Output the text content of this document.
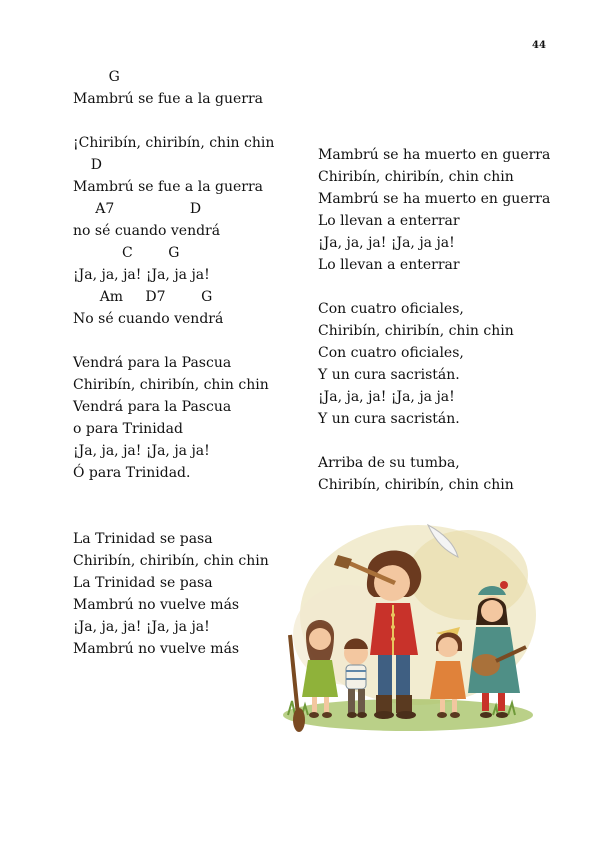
44
G
Mambrú se fue a la guerra
¡Chiribín, chiribín, chin chin
D
Mambrú se fue a la guerra
A7                 D
no sé cuando vendrá
C        G
¡Ja, ja, ja! ¡Ja, ja ja!
Am     D7        G
No sé cuando vendrá
Vendrá para la Pascua
Chiribín, chiribín, chin chin
Vendrá para la Pascua
o para Trinidad
¡Ja, ja, ja! ¡Ja, ja ja!
Ó para Trinidad.
La Trinidad se pasa
Chiribín, chiribín, chin chin
La Trinidad se pasa
Mambrú no vuelve más
¡Ja, ja, ja! ¡Ja, ja ja!
Mambrú no vuelve más
Mambrú se ha muerto en guerra
Chiribín, chiribín, chin chin
Mambrú se ha muerto en guerra
Lo llevan a enterrar
¡Ja, ja, ja! ¡Ja, ja ja!
Lo llevan a enterrar
Con cuatro oficiales,
Chiribín, chiribín, chin chin
Con cuatro oficiales,
Y un cura sacristán.
¡Ja, ja, ja! ¡Ja, ja ja!
Y un cura sacristán.
Arriba de su tumba,
Chiribín, chiribín, chin chin
